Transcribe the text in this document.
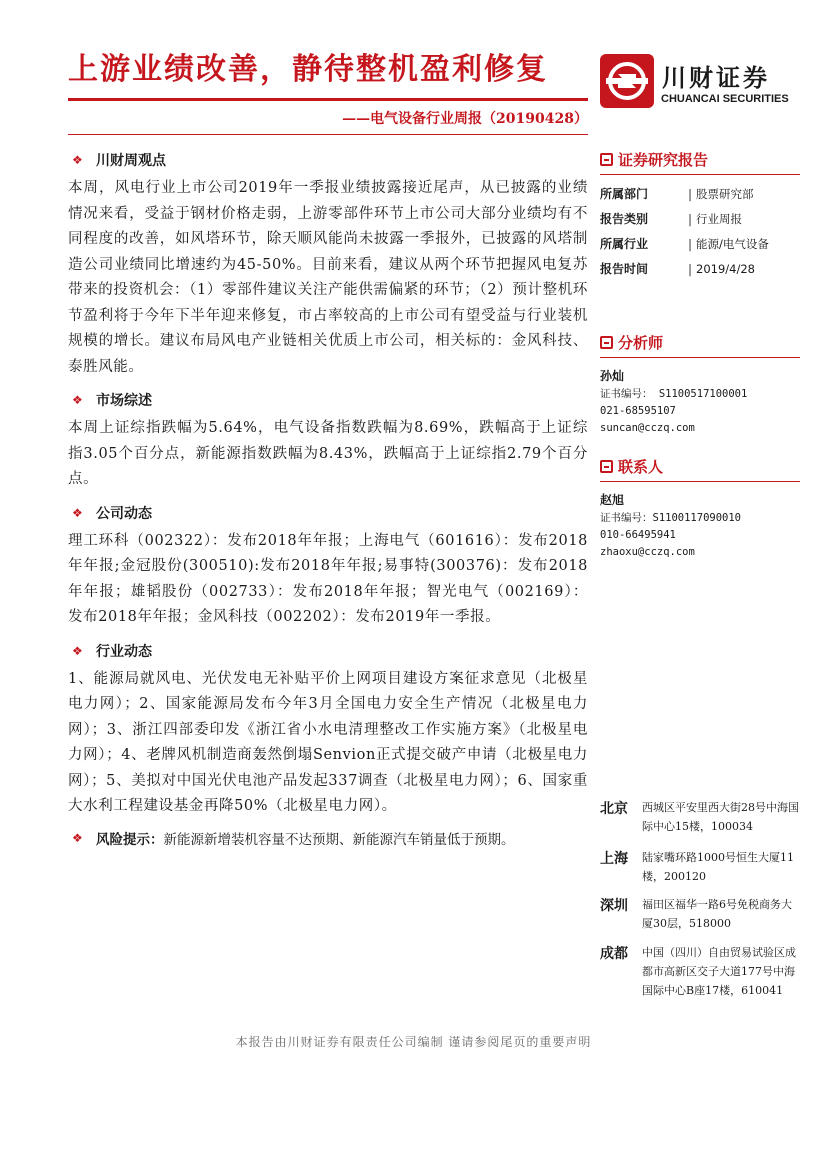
上游业绩改善，静待整机盈利修复
——电气设备行业周报（20190428）
川财证券
CHUANCAI SECURITIES
❖ 川财周观点

本周，风电行业上市公司2019年一季报业绩披露接近尾声，从已披露的业绩情况来看，受益于钢材价格走弱，上游零部件环节上市公司大部分业绩均有不同程度的改善，如风塔环节，除天顺风能尚未披露一季报外，已披露的风塔制造公司业绩同比增速约为45-50%。目前来看，建议从两个环节把握风电复苏带来的投资机会：（1）零部件建议关注产能供需偏紧的环节；（2）预计整机环节盈利将于今年下半年迎来修复，市占率较高的上市公司有望受益与行业装机规模的增长。建议布局风电产业链相关优质上市公司，相关标的：金风科技、泰胜风能。

❖ 市场综述

本周上证综指跌幅为5.64%，电气设备指数跌幅为8.69%，跌幅高于上证综指3.05个百分点，新能源指数跌幅为8.43%，跌幅高于上证综指2.79个百分点。

❖ 公司动态

理工环科（002322）：发布2018年年报；上海电气（601616）：发布2018年年报;金冠股份(300510):发布2018年年报;易事特(300376)：发布2018年年报；雄韬股份（002733）：发布2018年年报；智光电气（002169）：发布2018年年报；金风科技（002202）：发布2019年一季报。

❖ 行业动态

1、能源局就风电、光伏发电无补贴平价上网项目建设方案征求意见（北极星电力网）；2、国家能源局发布今年3月全国电力安全生产情况（北极星电力网）；3、浙江四部委印发《浙江省小水电清理整改工作实施方案》（北极星电力网）；4、老牌风机制造商轰然倒塌Senvion正式提交破产申请（北极星电力网）；5、美拟对中国光伏电池产品发起337调查（北极星电力网）；6、国家重大水利工程建设基金再降50%（北极星电力网）。

❖ 风险提示： 新能源新增装机容量不达预期、新能源汽车销量低于预期。
证券研究报告
所属部门	| 股票研究部
报告类别	| 行业周报
所属行业	| 能源/电气设备
报告时间	| 2019/4/28
分析师
孙灿
证书编号： S1100517100001
021-68595107
suncan@cczq.com
联系人
赵旭
证书编号：S1100117090010
010-66495941
zhaoxu@cczq.com
北京	西城区平安里西大街28号中海国际中心15楼，100034
上海	陆家嘴环路1000号恒生大厦11楼，200120
深圳	福田区福华一路6号免税商务大厦30层，518000
成都	中国（四川）自由贸易试验区成都市高新区交子大道177号中海国际中心B座17楼，610041
本报告由川财证券有限责任公司编制 谨请参阅尾页的重要声明
